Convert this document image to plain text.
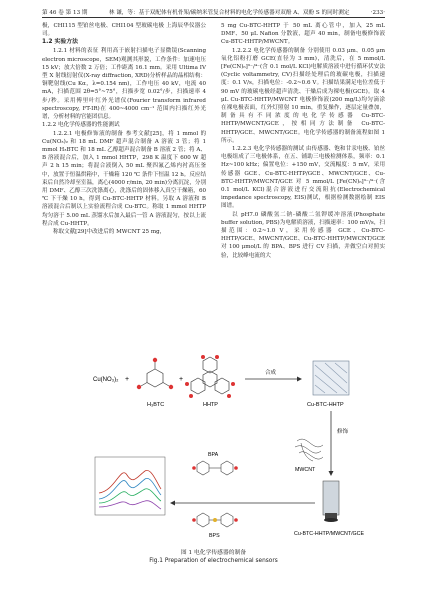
第 46 卷 第 13 期	林 谦，等：基于双配体有机骨架/碳纳米管复合材料的电化学传感器对双酚 A、双酚 S 的同时测定	·233·

极，CHI115 型铂丝电极、CHI104 型玻碳电极 上海辰华仪器公司。

1.2 实验方法

1.2.1 材料的表征 利用高于嵌射扫描电子显微镜(Scanning electron microscope，SEM)观测其形貌，工作条件：加速电压 15 kV；放大倍数 2 万倍；工作距离 16.1 mm。采用 Ultima IV 型 X 射线衍射仪(X-ray diffraction, XRD)分析样品的晶相结构：铜靶射线(Cu Kα，λ=0.154 nm)，工作电压 40 kV，电流 40 mA，扫描范围 2θ=5°~75°，扫描步宽 0.02°/步，扫描速率 4 步/秒。采用傅里叶红外光谱仪(Fourier transform infrared spectroscopy, FT-IR)在 400~4000 cm⁻¹ 范围内扫描红外光谱，分析材料的官能团信息。

1.2.2 电化学传感器的性能测试

1.2.2.1 电极修饰液的制备 参考文献[25]，将 1 mmol 的 Cu(NO₃)₂ 和 18 mL DMF 超声混合制备 A 溶液 3 管；将 1 mmol H₃BTC 和 18 mL 乙醇超声混合制备 B 溶液 2 管；将 A、B 溶液混合后，加入 1 mmol HHTP，298 K 温度下 600 W 超声 2 h 15 min；将混合液倒入 50 mL 聚四氟乙烯内衬高压釜中，放置于恒温烘箱中，干燥箱 120 ℃ 条件下恒温 12 h。反应结束后自然冷却至室温，离心(4000 r/min, 20 min)分离沉淀，分别用 DMF、乙醇三次洗涤离心，洗涤后的固体移入真空干燥箱，60 ℃ 下干燥 10 h，得到 Cu-BTC-HHTP 材料。另取 A 溶液和 B 溶液混合后制以上实验流程合成 Cu-BTC。称取 1 mmol HHTP 均匀溶于 5.00 mL 蒸馏水后加入最后一管 A 溶液混匀，按以上流程合成 Cu-HHTP。

称取文献[29]中改进后的 MWCNT 25 mg，

5 mg Cu-BTC-HHTP 于 50 mL 离心管中，加入 25 mL DMF、50 μL Nafion 分散液，超声 40 min，制备电极修饰液 Cu-BTC-HHTP/MWCNT。

1.2.2.2 电化学传感器的制备 分别使用 0.03 μm、0.05 μm 氧化铝粉打磨 GCE(直径为 3 mm)，清洗后，在 5 mmol/L [Fe(CN)₆]³⁻/⁴⁻(含 0.1 mol/L KCl)电解质溶液中进行循环伏安法(Cyclic voltammetry, CV)扫描经处理后的玻碳电极，扫描速度：0.1 V/s，扫描电位：-0.2~0.6 V。扫描结果满足电位差低于 90 mV 的玻碳电极经超声清洗、干燥后成为裸电极(GCE)。取 4 μL Cu-BTC-HHTP/MWCNT 电极修饰液(200 mg/L)均匀滴涂在裸电极表面，红外灯照射 10 min，重复操作，逐层定量叠加，制备具有不同浓度的电化学传感器 Cu-BTC-HHTP/MWCNT/GCE，按相同方法制备 Cu-BTC-HHTP/GCE、MWCNT/GCE。电化学传感器的制备流程如图 1 所示。

1.2.2.3 电化学传感器的测试 由传感器、饱和甘汞电极、铂丝电极组成了三电极体系，在五、铺助三电极检测体系，频率：0.1 Hz~100 kHz；偏置电位：+150 mV，交流幅度：5 mV，采用传感器 GCE、Cu-BTC-HHTP/GCE、MWCNT/GCE、Cu-BTC-HHTP/MWCNT/GCE 对 5 mmol/L [Fe(CN)₆]³⁻/⁴⁻(含 0.1 mol/L KCl)混合溶液进行交流阻抗(Electrochemical impedance spectroscopy, EIS)测试，根据检测数据绘制 EIS 图谱。

以 pH7.0 磷酸氢二钠-磷酸二氢钾缓冲溶液(Phosphate buffer solution, PBS)为电解质溶液，扫描速率：100 mV/s，扫描范围：0.2~1.0 V，采用传感器 GCE、Cu-BTC-HHTP/GCE、MWCNT/GCE、Cu-BTC-HHTP/MWCNT/GCE 对 100 μmol/L 的 BPA、BPS 进行 CV 扫描，并做空白对照实验，比较峰电流的大

Cu(NO₃)₂ +
H₃BTC
+
HHTP
合成
Cu-BTC-HHTP
修饰
MWCNT
Cu-BTC-HHTP/MWCNT/GCE
BPA
BPS
图 1 电化学传感器的制备
Fig.1 Preparation of electrochemical sensors
